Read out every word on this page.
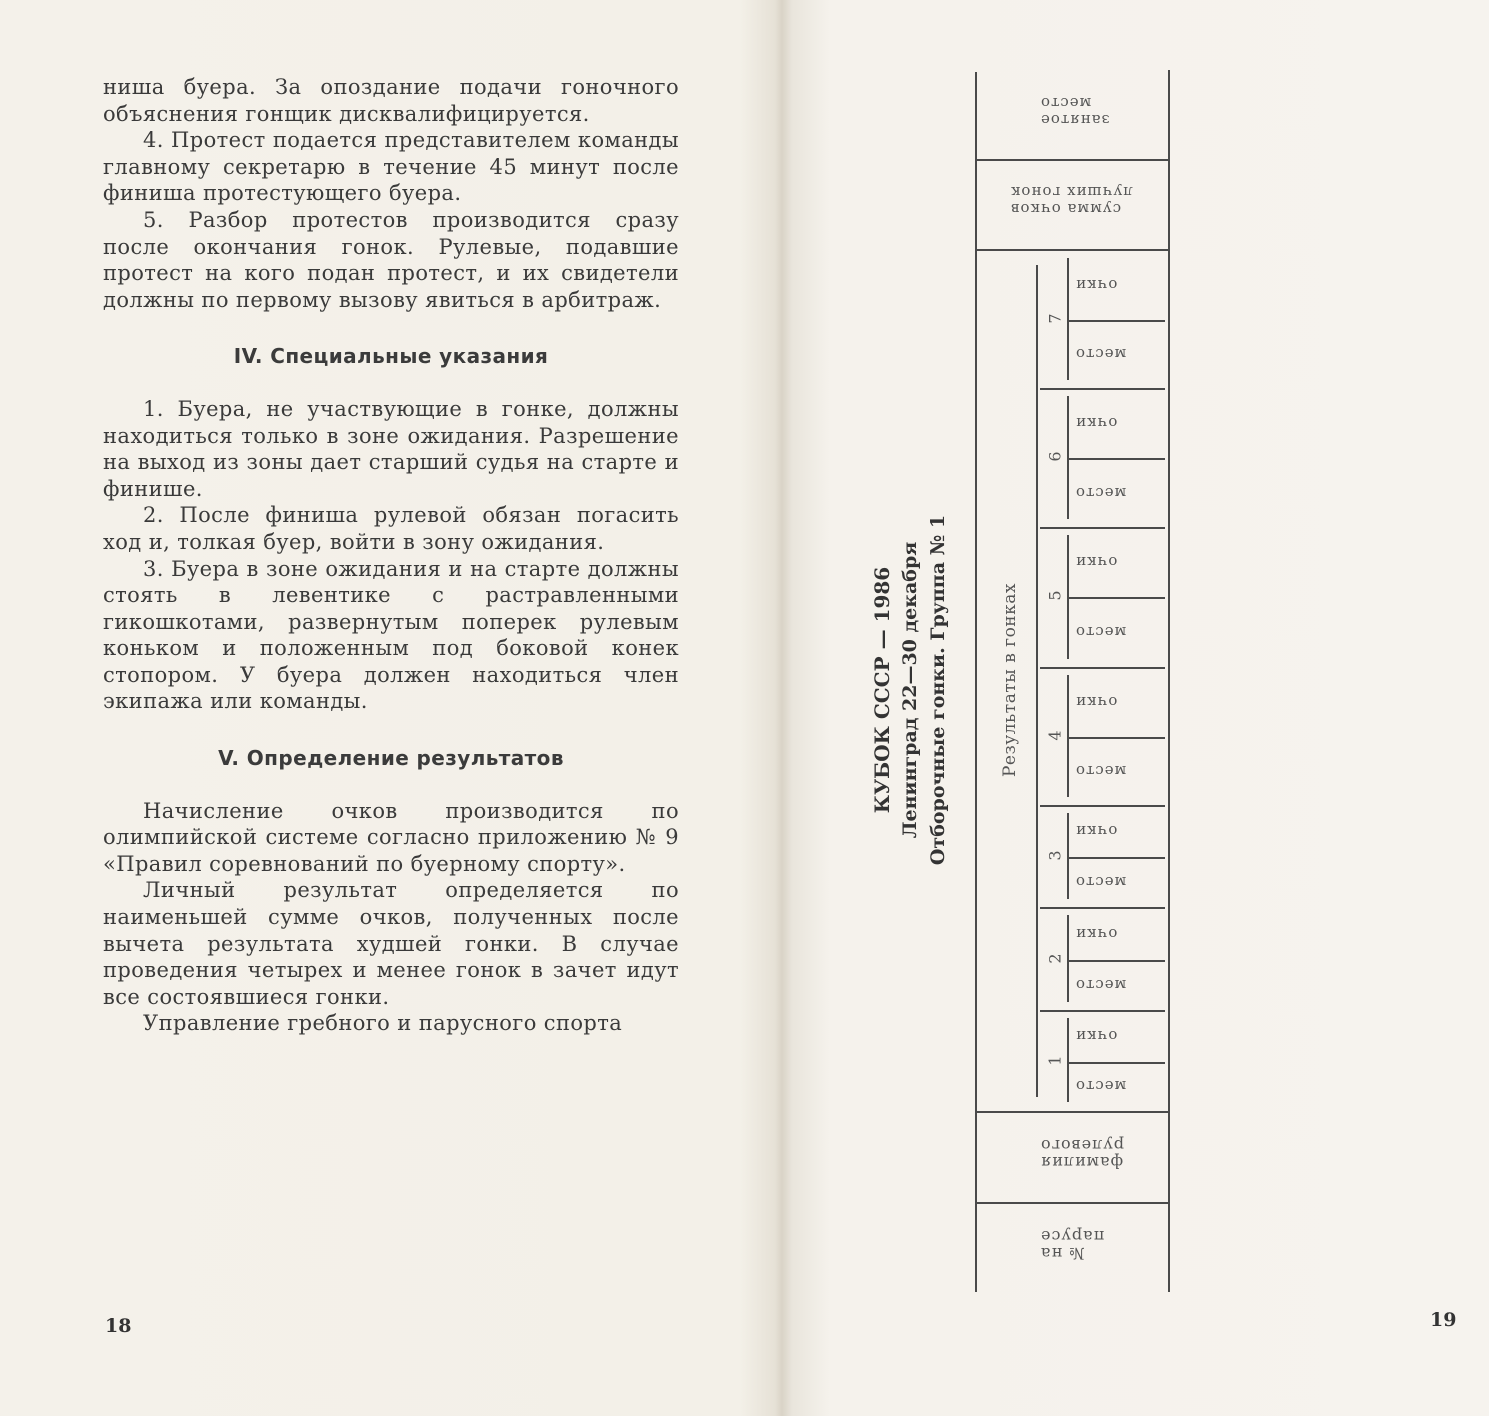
ниша буера. За опоздание подачи гоночного объяснения гонщик дисквалифицируется.

4. Протест подается представителем команды главному секретарю в течение 45 минут после финиша протестующего буера.

5. Разбор протестов производится сразу после окончания гонок. Рулевые, подавшие протест на кого подан протест, и их свидетели должны по первому вызову явиться в арбитраж.

IV. Специальные указания

1. Буера, не участвующие в гонке, должны находиться только в зоне ожидания. Разрешение на выход из зоны дает старший судья на старте и финише.

2. После финиша рулевой обязан погасить ход и, толкая буер, войти в зону ожидания.

3. Буера в зоне ожидания и на старте должны стоять в левентике с растравленными гикошкотами, развернутым поперек рулевым коньком и положенным под боковой конек стопором. У буера должен находиться член экипажа или команды.

V. Определение результатов

Начисление очков производится по олимпийской системе согласно приложению № 9 «Правил соревнований по буерному спорту».

Личный результат определяется по наименьшей сумме очков, полученных после вычета результата худшей гонки. В случае проведения четырех и менее гонок в зачет идут все состоявшиеся гонки.

Управление гребного и парусного спорта

18	19
КУБОК СССР — 1986 Ленинград 22—30 декабря Отборочные гонки. Группа № 1
занятое
место
сумма очков
лучших гонок
Результаты в гонках
фамилия
рулевого
№ на
парусе
7
очки
место
6
очки
место
5
очки
место
4
очки
место
3
очки
место
2
очки
место
1
очки
место
